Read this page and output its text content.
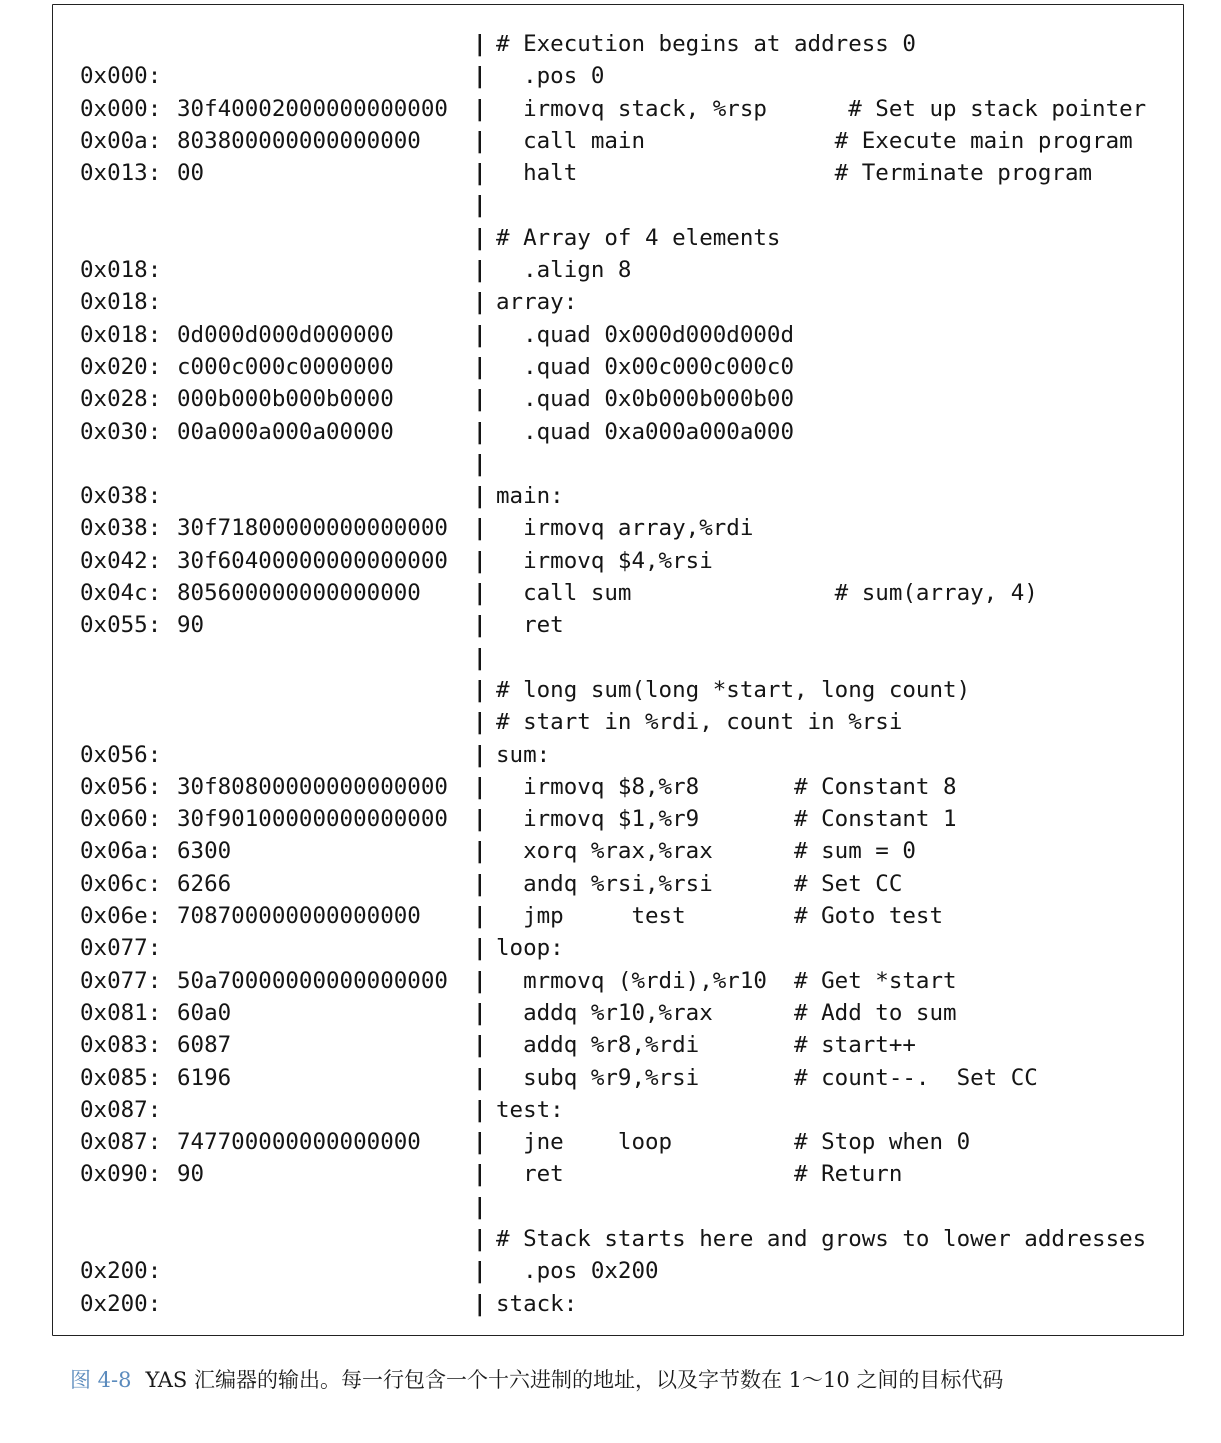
| # Execution begins at address 0
0x000:	| .pos 0
0x000: 30f40002000000000000 | irmovq stack, %rsp      # Set up stack pointer
0x00a: 803800000000000000 | call main              # Execute main program
0x013: 00	| halt                   # Terminate program
|
| # Array of 4 elements
0x018:	| .align 8
0x018:	| array:
0x018: 0d000d000d000000	| .quad 0x000d000d000d
0x020: c000c000c0000000	| .quad 0x00c000c000c0
0x028: 000b000b000b0000	| .quad 0x0b000b000b00
0x030: 00a000a000a00000	| .quad 0xa000a000a000
|
0x038:	| main:
0x038: 30f71800000000000000 | irmovq array,%rdi
0x042: 30f60400000000000000 | irmovq $4,%rsi
0x04c: 805600000000000000 | call sum               # sum(array, 4)
0x055: 90	| ret
|
| # long sum(long *start, long count)
| # start in %rdi, count in %rsi
0x056:	| sum:
0x056: 30f80800000000000000 | irmovq $8,%r8       # Constant 8
0x060: 30f90100000000000000 | irmovq $1,%r9       # Constant 1
0x06a: 6300	| xorq %rax,%rax      # sum = 0
0x06c: 6266	| andq %rsi,%rsi      # Set CC
0x06e: 708700000000000000 | jmp     test        # Goto test
0x077:	| loop:
0x077: 50a70000000000000000 | mrmovq (%rdi),%r10  # Get *start
0x081: 60a0	| addq %r10,%rax      # Add to sum
0x083: 6087	| addq %r8,%rdi       # start++
0x085: 6196	| subq %r9,%rsi       # count--.  Set CC
0x087:	| test:
0x087: 747700000000000000 | jne    loop         # Stop when 0
0x090: 90	| ret                 # Return
|
| # Stack starts here and grows to lower addresses
0x200:	| .pos 0x200
0x200:	| stack:
图 4-8 YAS 汇编器的输出。每一行包含一个十六进制的地址，以及字节数在 1～10 之间的目标代码
